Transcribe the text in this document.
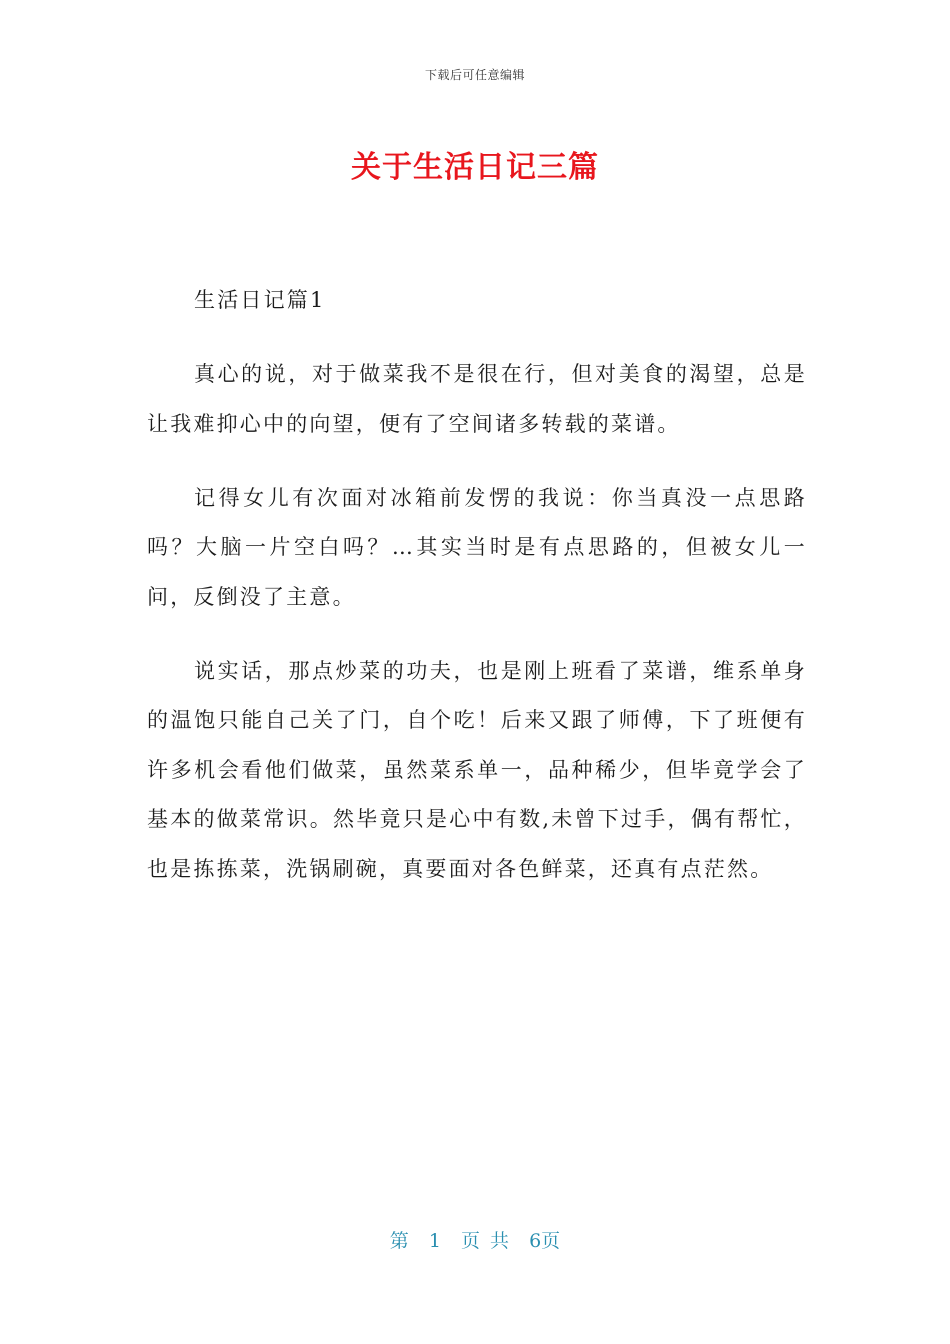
下载后可任意编辑
关于生活日记三篇

生活日记篇1

真心的说，对于做菜我不是很在行，但对美食的渴望，总是让我难抑心中的向望，便有了空间诸多转载的菜谱。

记得女儿有次面对冰箱前发愣的我说：你当真没一点思路吗？大脑一片空白吗？…其实当时是有点思路的，但被女儿一问，反倒没了主意。

说实话，那点炒菜的功夫，也是刚上班看了菜谱，维系单身的温饱只能自己关了门，自个吃！后来又跟了师傅，下了班便有许多机会看他们做菜，虽然菜系单一，品种稀少，但毕竟学会了基本的做菜常识。然毕竟只是心中有数,未曾下过手，偶有帮忙，也是拣拣菜，洗锅刷碗，真要面对各色鲜菜，还真有点茫然。

第 1 页 共 6页
